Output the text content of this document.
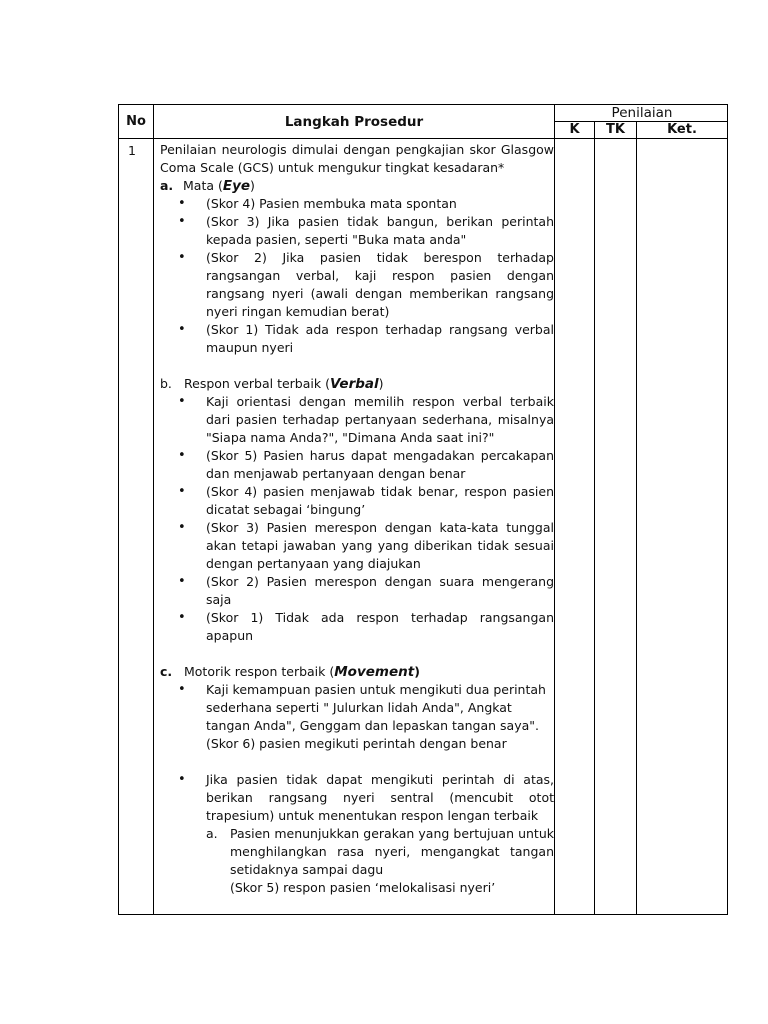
No	Langkah Prosedur
Penilaian
K	TK	Ket.
1 Penilaian neurologis dimulai dengan pengkajian skor Glasgow Coma Scale (GCS) untuk mengukur tingkat kesadaran*

a. Mata (Eye)
•
(Skor 4) Pasien membuka mata spontan
•
(Skor 3) Jika pasien tidak bangun, berikan perintah kepada pasien, seperti "Buka mata anda"
•
(Skor 2) Jika pasien tidak berespon terhadap rangsangan verbal, kaji respon pasien dengan rangsang nyeri (awali dengan memberikan rangsang nyeri ringan kemudian berat)
•
(Skor 1) Tidak ada respon terhadap rangsang verbal maupun nyeri
b. Respon verbal terbaik (Verbal)
•
Kaji orientasi dengan memilih respon verbal terbaik dari pasien terhadap pertanyaan sederhana, misalnya "Siapa nama Anda?", "Dimana Anda saat ini?"
•
(Skor 5) Pasien harus dapat mengadakan percakapan dan menjawab pertanyaan dengan benar
•
(Skor 4) pasien menjawab tidak benar, respon pasien dicatat sebagai ‘bingung’
•
(Skor 3) Pasien merespon dengan kata-kata tunggal akan tetapi jawaban yang yang diberikan tidak sesuai dengan pertanyaan yang diajukan
•
(Skor 2) Pasien merespon dengan suara mengerang saja
•
(Skor 1) Tidak ada respon terhadap rangsangan apapun
c. Motorik respon terbaik (Movement)
•
Kaji kemampuan pasien untuk mengikuti dua perintah
sederhana seperti " Julurkan lidah Anda", Angkat
tangan Anda", Genggam dan lepaskan tangan saya".
(Skor 6) pasien megikuti perintah dengan benar
•
Jika pasien tidak dapat mengikuti perintah di atas, berikan rangsang nyeri sentral (mencubit otot trapesium) untuk menentukan respon lengan terbaik
a. Pasien menunjukkan gerakan yang bertujuan untuk menghilangkan rasa nyeri, mengangkat tangan setidaknya sampai dagu
(Skor 5) respon pasien ‘melokalisasi nyeri’
